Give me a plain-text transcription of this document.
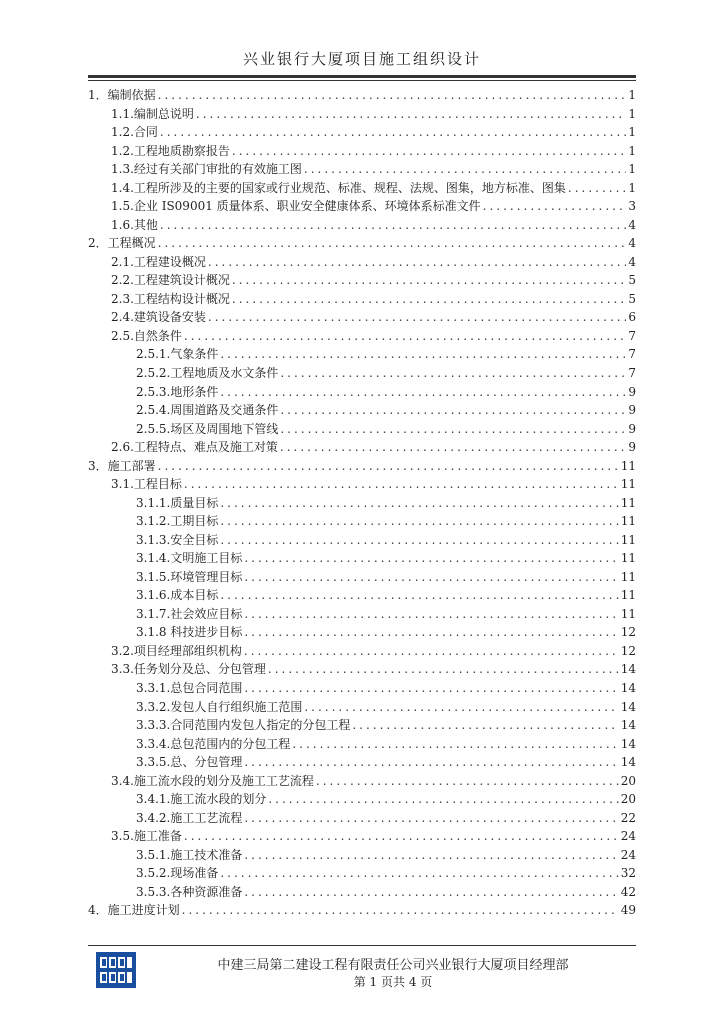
兴业银行大厦项目施工组织设计
1．编制依据 .....	1
1.1.编制总说明 .....	1
1.2.合同 .....	1
1.2.工程地质勘察报告 .....	1
1.3.经过有关部门审批的有效施工图 .....	1
1.4.工程所涉及的主要的国家或行业规范、标准、规程、法规、图集，地方标准、图集 .....	1
1.5.企业 IS09001 质量体系、职业安全健康体系、环境体系标准文件 .....	3
1.6.其他 .....	4
2．工程概况 .....	4
2.1.工程建设概况 .....	4
2.2.工程建筑设计概况 .....	5
2.3.工程结构设计概况 .....	5
2.4.建筑设备安装 .....	6
2.5.自然条件 .....	7
2.5.1.气象条件 .....	7
2.5.2.工程地质及水文条件 .....	7
2.5.3.地形条件 .....	9
2.5.4.周围道路及交通条件 .....	9
2.5.5.场区及周围地下管线 .....	9
2.6.工程特点、难点及施工对策 .....	9
3．施工部署 .....	11
3.1.工程目标 .....	11
3.1.1.质量目标 .....	11
3.1.2.工期目标 .....	11
3.1.3.安全目标 .....	11
3.1.4.文明施工目标 .....	11
3.1.5.环境管理目标 .....	11
3.1.6.成本目标 .....	11
3.1.7.社会效应目标 .....	11
3.1.8 科技进步目标 .....	12
3.2.项目经理部组织机构 .....	12
3.3.任务划分及总、分包管理 .....	14
3.3.1.总包合同范围 .....	14
3.3.2.发包人自行组织施工范围 .....	14
3.3.3.合同范围内发包人指定的分包工程 .....	14
3.3.4.总包范围内的分包工程 .....	14
3.3.5.总、分包管理 .....	14
3.4.施工流水段的划分及施工工艺流程 .....	20
3.4.1.施工流水段的划分 .....	20
3.4.2.施工工艺流程 .....	22
3.5.施工准备 .....	24
3.5.1.施工技术准备 .....	24
3.5.2.现场准备 .....	32
3.5.3.各种资源准备 .....	42
4．施工进度计划 .....	49
中建三局第二建设工程有限责任公司兴业银行大厦项目经理部
第 1 页共 4 页
